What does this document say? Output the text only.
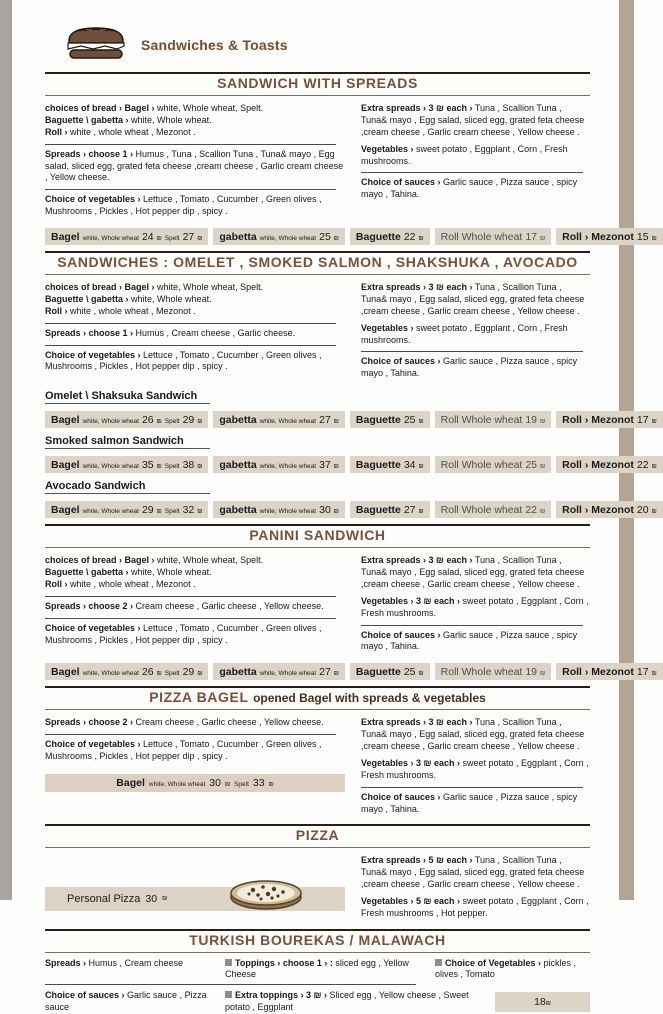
Sandwiches & Toasts
SANDWICH WITH SPREADS

choices of bread › Bagel › white, Whole wheat, Spelt.

Baguette \ gabetta › white, Whole wheat.

Roll › white , whole wheat , Mezonot .

Spreads › choose 1 › Humus , Tuna , Scallion Tuna , Tuna& mayo , Egg salad, sliced egg, grated feta cheese ,cream cheese , Garlic cream cheese , Yellow cheese.

Choice of vegetables › Lettuce , Tomato , Cucumber , Green olives , Mushrooms , Pickles , Hot pepper dip , spicy .

Extra spreads › 3 ₪ each › Tuna , Scallion Tuna , Tuna& mayo , Egg salad, sliced egg, grated feta cheese ,cream cheese , Garlic cream cheese , Yellow cheese .

Vegetables › sweet potato , Eggplant , Corn , Fresh mushrooms.

Choice of sauces › Garlic sauce , Pizza sauce , spicy mayo , Tahina.

Bagel white, Whole wheat 24 ₪ Spelt 27 ₪ gabetta white, Whole wheat 25 ₪ Baguette 22 ₪ Roll Whole wheat 17 ₪ Roll › Mezonot 15 ₪
SANDWICHES : OMELET , SMOKED SALMON , SHAKSHUKA , AVOCADO

choices of bread › Bagel › white, Whole wheat, Spelt.

Baguette \ gabetta › white, Whole wheat.

Roll › white , whole wheat , Mezonot .

Spreads › choose 1 › Humus , Cream cheese , Garlic cheese.

Choice of vegetables › Lettuce , Tomato , Cucumber , Green olives , Mushrooms , Pickles , Hot pepper dip , spicy .

Extra spreads › 3 ₪ each › Tuna , Scallion Tuna , Tuna& mayo , Egg salad, sliced egg, grated feta cheese ,cream cheese , Garlic cream cheese , Yellow cheese .

Vegetables › sweet potato , Eggplant , Corn , Fresh mushrooms.

Choice of sauces › Garlic sauce , Pizza sauce , spicy mayo , Tahina.

Omelet \ Shaksuka Sandwich
Bagel white, Whole wheat 26 ₪ Spelt 29 ₪ gabetta white, Whole wheat 27 ₪ Baguette 25 ₪ Roll Whole wheat 19 ₪ Roll › Mezonot 17 ₪
Smoked salmon Sandwich
Bagel white, Whole wheat 35 ₪ Spelt 38 ₪ gabetta white, Whole wheat 37 ₪ Baguette 34 ₪ Roll Whole wheat 25 ₪ Roll › Mezonot 22 ₪
Avocado Sandwich
Bagel white, Whole wheat 29 ₪ Spelt 32 ₪ gabetta white, Whole wheat 30 ₪ Baguette 27 ₪ Roll Whole wheat 22 ₪ Roll › Mezonot 20 ₪
PANINI SANDWICH

choices of bread › Bagel › white, Whole wheat, Spelt.

Baguette \ gabetta › white, Whole wheat.

Roll › white , whole wheat , Mezonot .

Spreads › choose 2 › Cream cheese , Garlic cheese , Yellow cheese.

Choice of vegetables › Lettuce , Tomato , Cucumber , Green olives , Mushrooms , Pickles , Hot pepper dip , spicy .

Extra spreads › 3 ₪ each › Tuna , Scallion Tuna , Tuna& mayo , Egg salad, sliced egg, grated feta cheese ,cream cheese , Garlic cream cheese , Yellow cheese .

Vegetables › 3 ₪ each › sweet potato , Eggplant , Corn , Fresh mushrooms.

Choice of sauces › Garlic sauce , Pizza sauce , spicy mayo , Tahina.

Bagel white, Whole wheat 26 ₪ Spelt 29 ₪ gabetta white, Whole wheat 27 ₪ Baguette 25 ₪ Roll Whole wheat 19 ₪ Roll › Mezonot 17 ₪
PIZZA BAGEL opened Bagel with spreads & vegetables

Spreads › choose 2 › Cream cheese , Garlic cheese , Yellow cheese.

Choice of vegetables › Lettuce , Tomato , Cucumber , Green olives , Mushrooms , Pickles , Hot pepper dip , spicy .

Bagel white, Whole wheat 30 ₪ Spelt 33 ₪

Extra spreads › 3 ₪ each › Tuna , Scallion Tuna , Tuna& mayo , Egg salad, sliced egg, grated feta cheese ,cream cheese , Garlic cream cheese , Yellow cheese .

Vegetables › 3 ₪ each › sweet potato , Eggplant , Corn , Fresh mushrooms.

Choice of sauces › Garlic sauce , Pizza sauce , spicy mayo , Tahina.

PIZZA
Personal Pizza 30 ₪

Extra spreads › 5 ₪ each › Tuna , Scallion Tuna , Tuna& mayo , Egg salad, sliced egg, grated feta cheese ,cream cheese , Garlic cream cheese , Yellow cheese .

Vegetables › 5 ₪ each › sweet potato , Eggplant , Corn , Fresh mushrooms , Hot pepper.

TURKISH BOUREKAS / MALAWACH
Spreads › Humus , Cream cheese	Toppings › choose 1 › : sliced egg , Yellow Cheese
Choice of Vegetables › pickles , olives , Tomato
Choice of sauces › Garlic sauce , Pizza sauce
Extra toppings › 3 ₪ › Sliced egg , Yellow cheese , Sweet potato , Eggplant	18₪
